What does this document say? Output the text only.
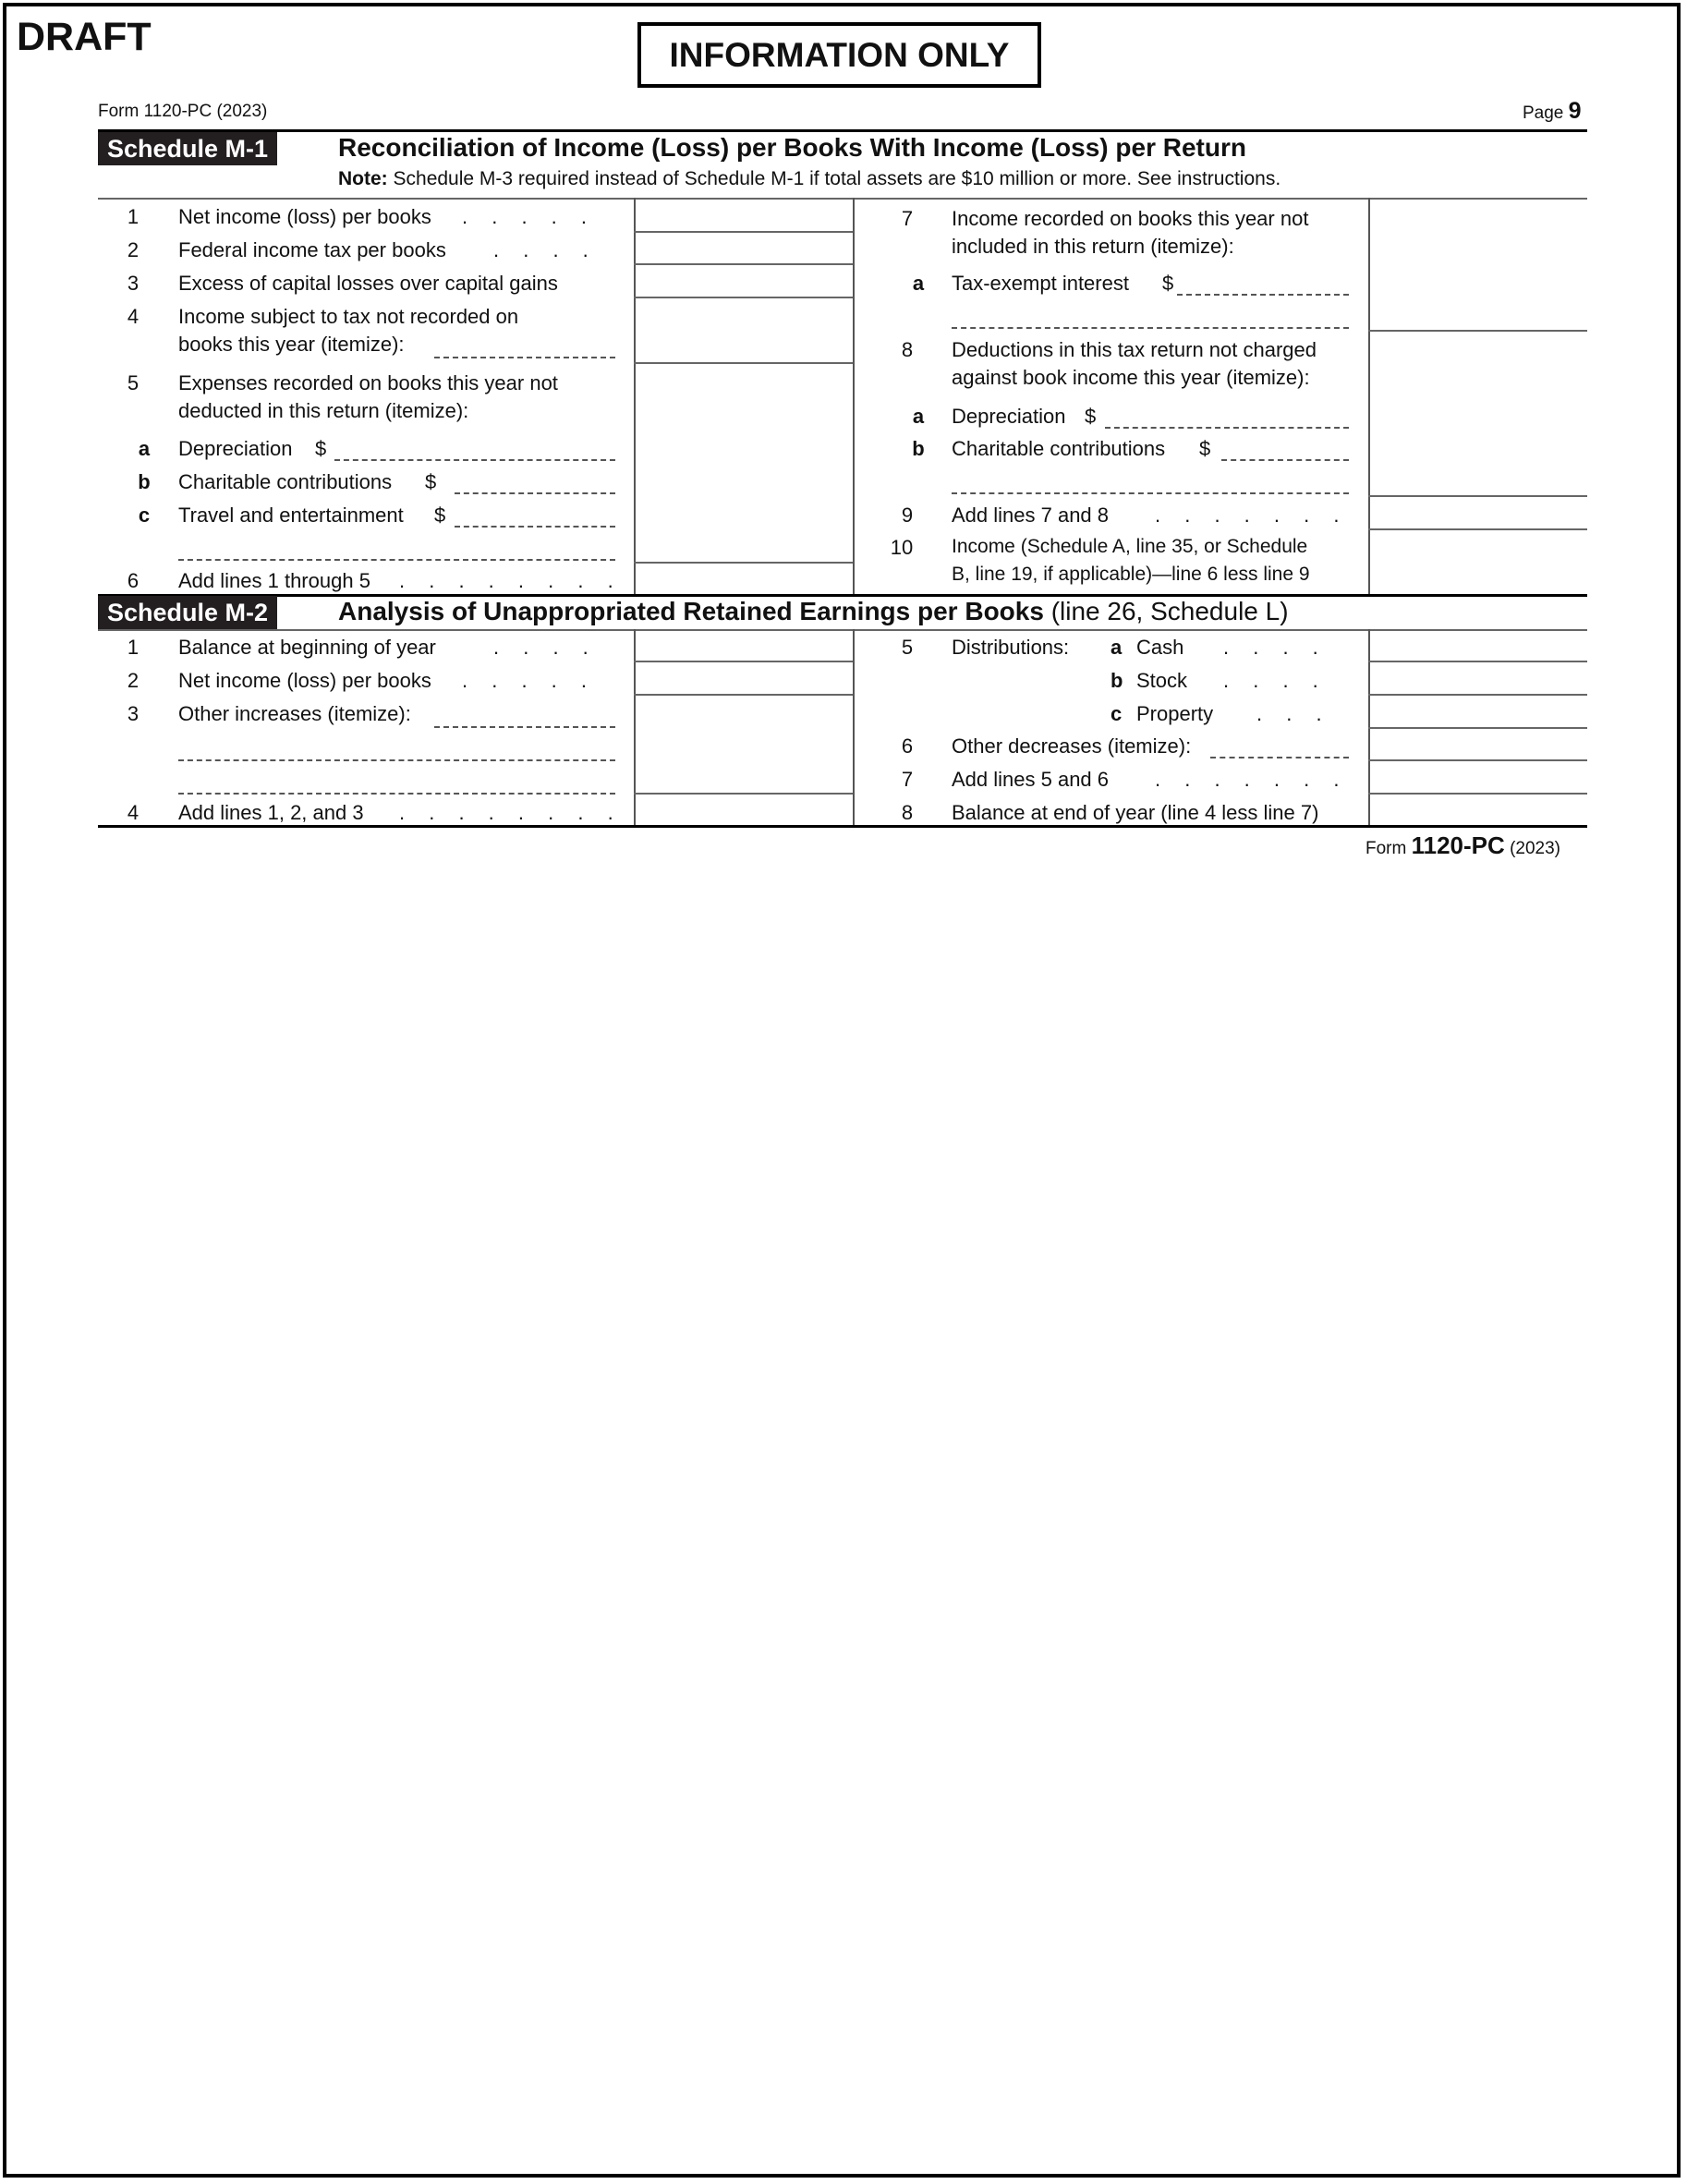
DRAFT	INFORMATION ONLY
Form 1120-PC (2023)	Page 9
Schedule M-1	Reconciliation of Income (Loss) per Books With Income (Loss) per Return
Note: Schedule M-3 required instead of Schedule M-1 if total assets are $10 million or more. See instructions.
1	Net income (loss) per books . . . . .
2	Federal income tax per books . . . .
3	Excess of capital losses over capital gains
4	Income subject to tax not recorded on
books this year (itemize):
5	Expenses recorded on books this year not
deducted in this return (itemize):
a	Depreciation $
b	Charitable contributions $
c	Travel and entertainment $
6	Add lines 1 through 5 . . . . . . . .
7	Income recorded on books this year not
included in this return (itemize):
a	Tax-exempt interest $
8	Deductions in this tax return not charged
against book income this year (itemize):
a	Depreciation $
b	Charitable contributions $
9	Add lines 7 and 8 . . . . . . .
10	Income (Schedule A, line 35, or Schedule
B, line 19, if applicable)—line 6 less line 9
Schedule M-2	Analysis of Unappropriated Retained Earnings per Books (line 26, Schedule L)
1	Balance at beginning of year	. . . .
2	Net income (loss) per books . . . . .
3	Other increases (itemize):
4	Add lines 1, 2, and 3 . . . . . . . .
5	Distributions: a Cash . . . .
b Stock . . . .
c Property . . .
6	Other decreases (itemize):
7	Add lines 5 and 6 . . . . . . .
8	Balance at end of year (line 4 less line 7)
Form 1120-PC (2023)
